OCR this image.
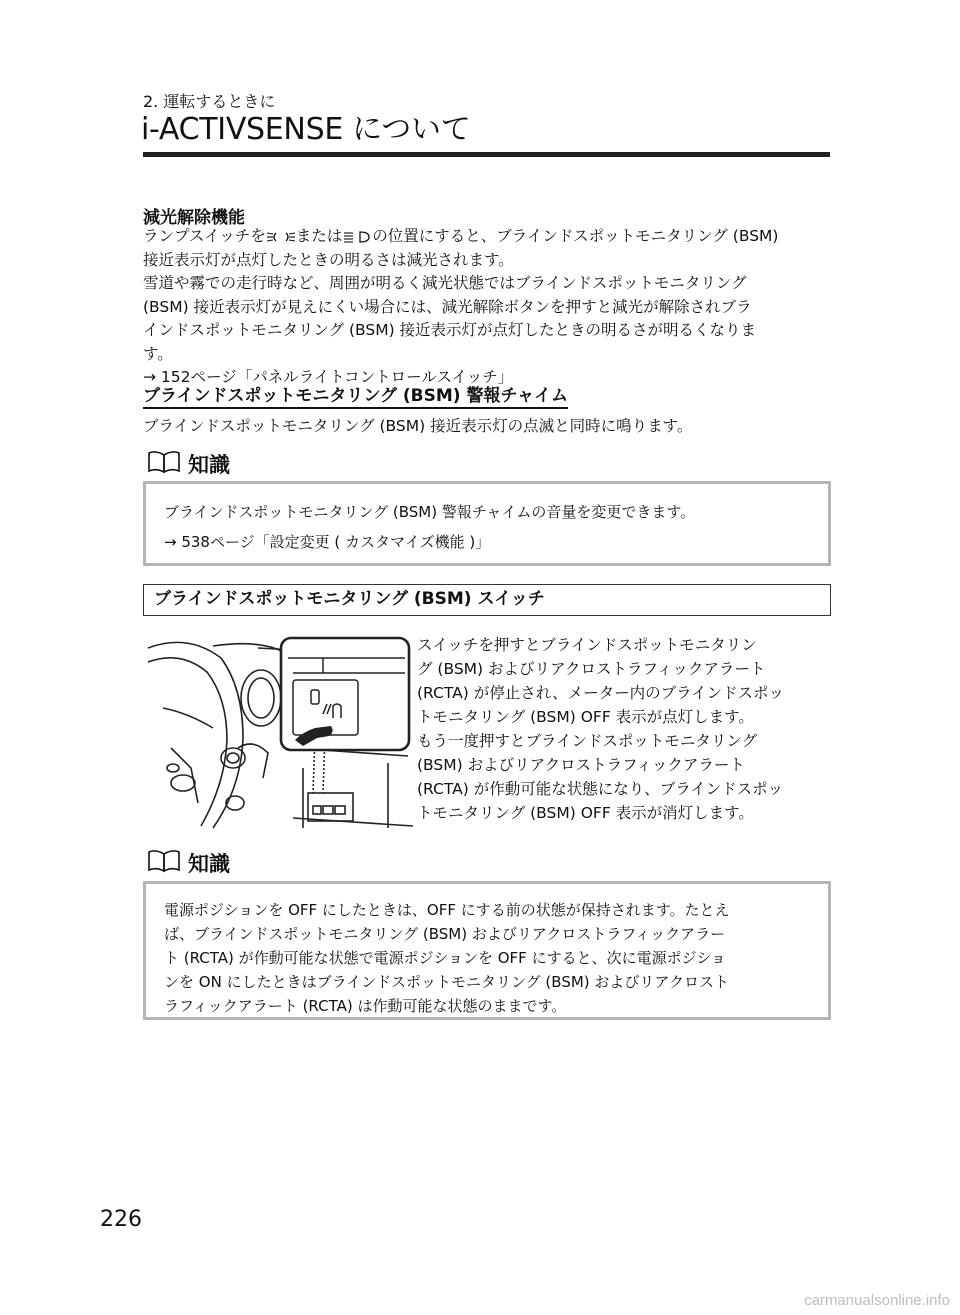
2. 運転するときに
i-ACTIVSENSE について
減光解除機能
ランプスイッチを または の位置にすると、ブラインドスポットモニタリング (BSM)
接近表示灯が点灯したときの明るさは減光されます。
雪道や霧での走行時など、周囲が明るく減光状態ではブラインドスポットモニタリング
(BSM) 接近表示灯が見えにくい場合には、減光解除ボタンを押すと減光が解除されブラ
インドスポットモニタリング (BSM) 接近表示灯が点灯したときの明るさが明るくなりま
す。
→ 152ページ「パネルライトコントロールスイッチ」
ブラインドスポットモニタリング (BSM) 警報チャイム
ブラインドスポットモニタリング (BSM) 接近表示灯の点滅と同時に鳴ります。
知識
ブラインドスポットモニタリング (BSM) 警報チャイムの音量を変更できます。
→ 538ページ「設定変更 ( カスタマイズ機能 )」
ブラインドスポットモニタリング (BSM) スイッチ
スイッチを押すとブラインドスポットモニタリン
グ (BSM) およびリアクロストラフィックアラート
(RCTA) が停止され、メーター内のブラインドスポッ
トモニタリング (BSM) OFF 表示が点灯します。
もう一度押すとブラインドスポットモニタリング
(BSM) およびリアクロストラフィックアラート
(RCTA) が作動可能な状態になり、ブラインドスポッ
トモニタリング (BSM) OFF 表示が消灯します。
知識
電源ポジションを OFF にしたときは、OFF にする前の状態が保持されます。たとえ
ば、ブラインドスポットモニタリング (BSM) およびリアクロストラフィックアラー
ト (RCTA) が作動可能な状態で電源ポジションを OFF にすると、次に電源ポジショ
ンを ON にしたときはブラインドスポットモニタリング (BSM) およびリアクロスト
ラフィックアラート (RCTA) は作動可能な状態のままです。
226
carmanualsonline.info
